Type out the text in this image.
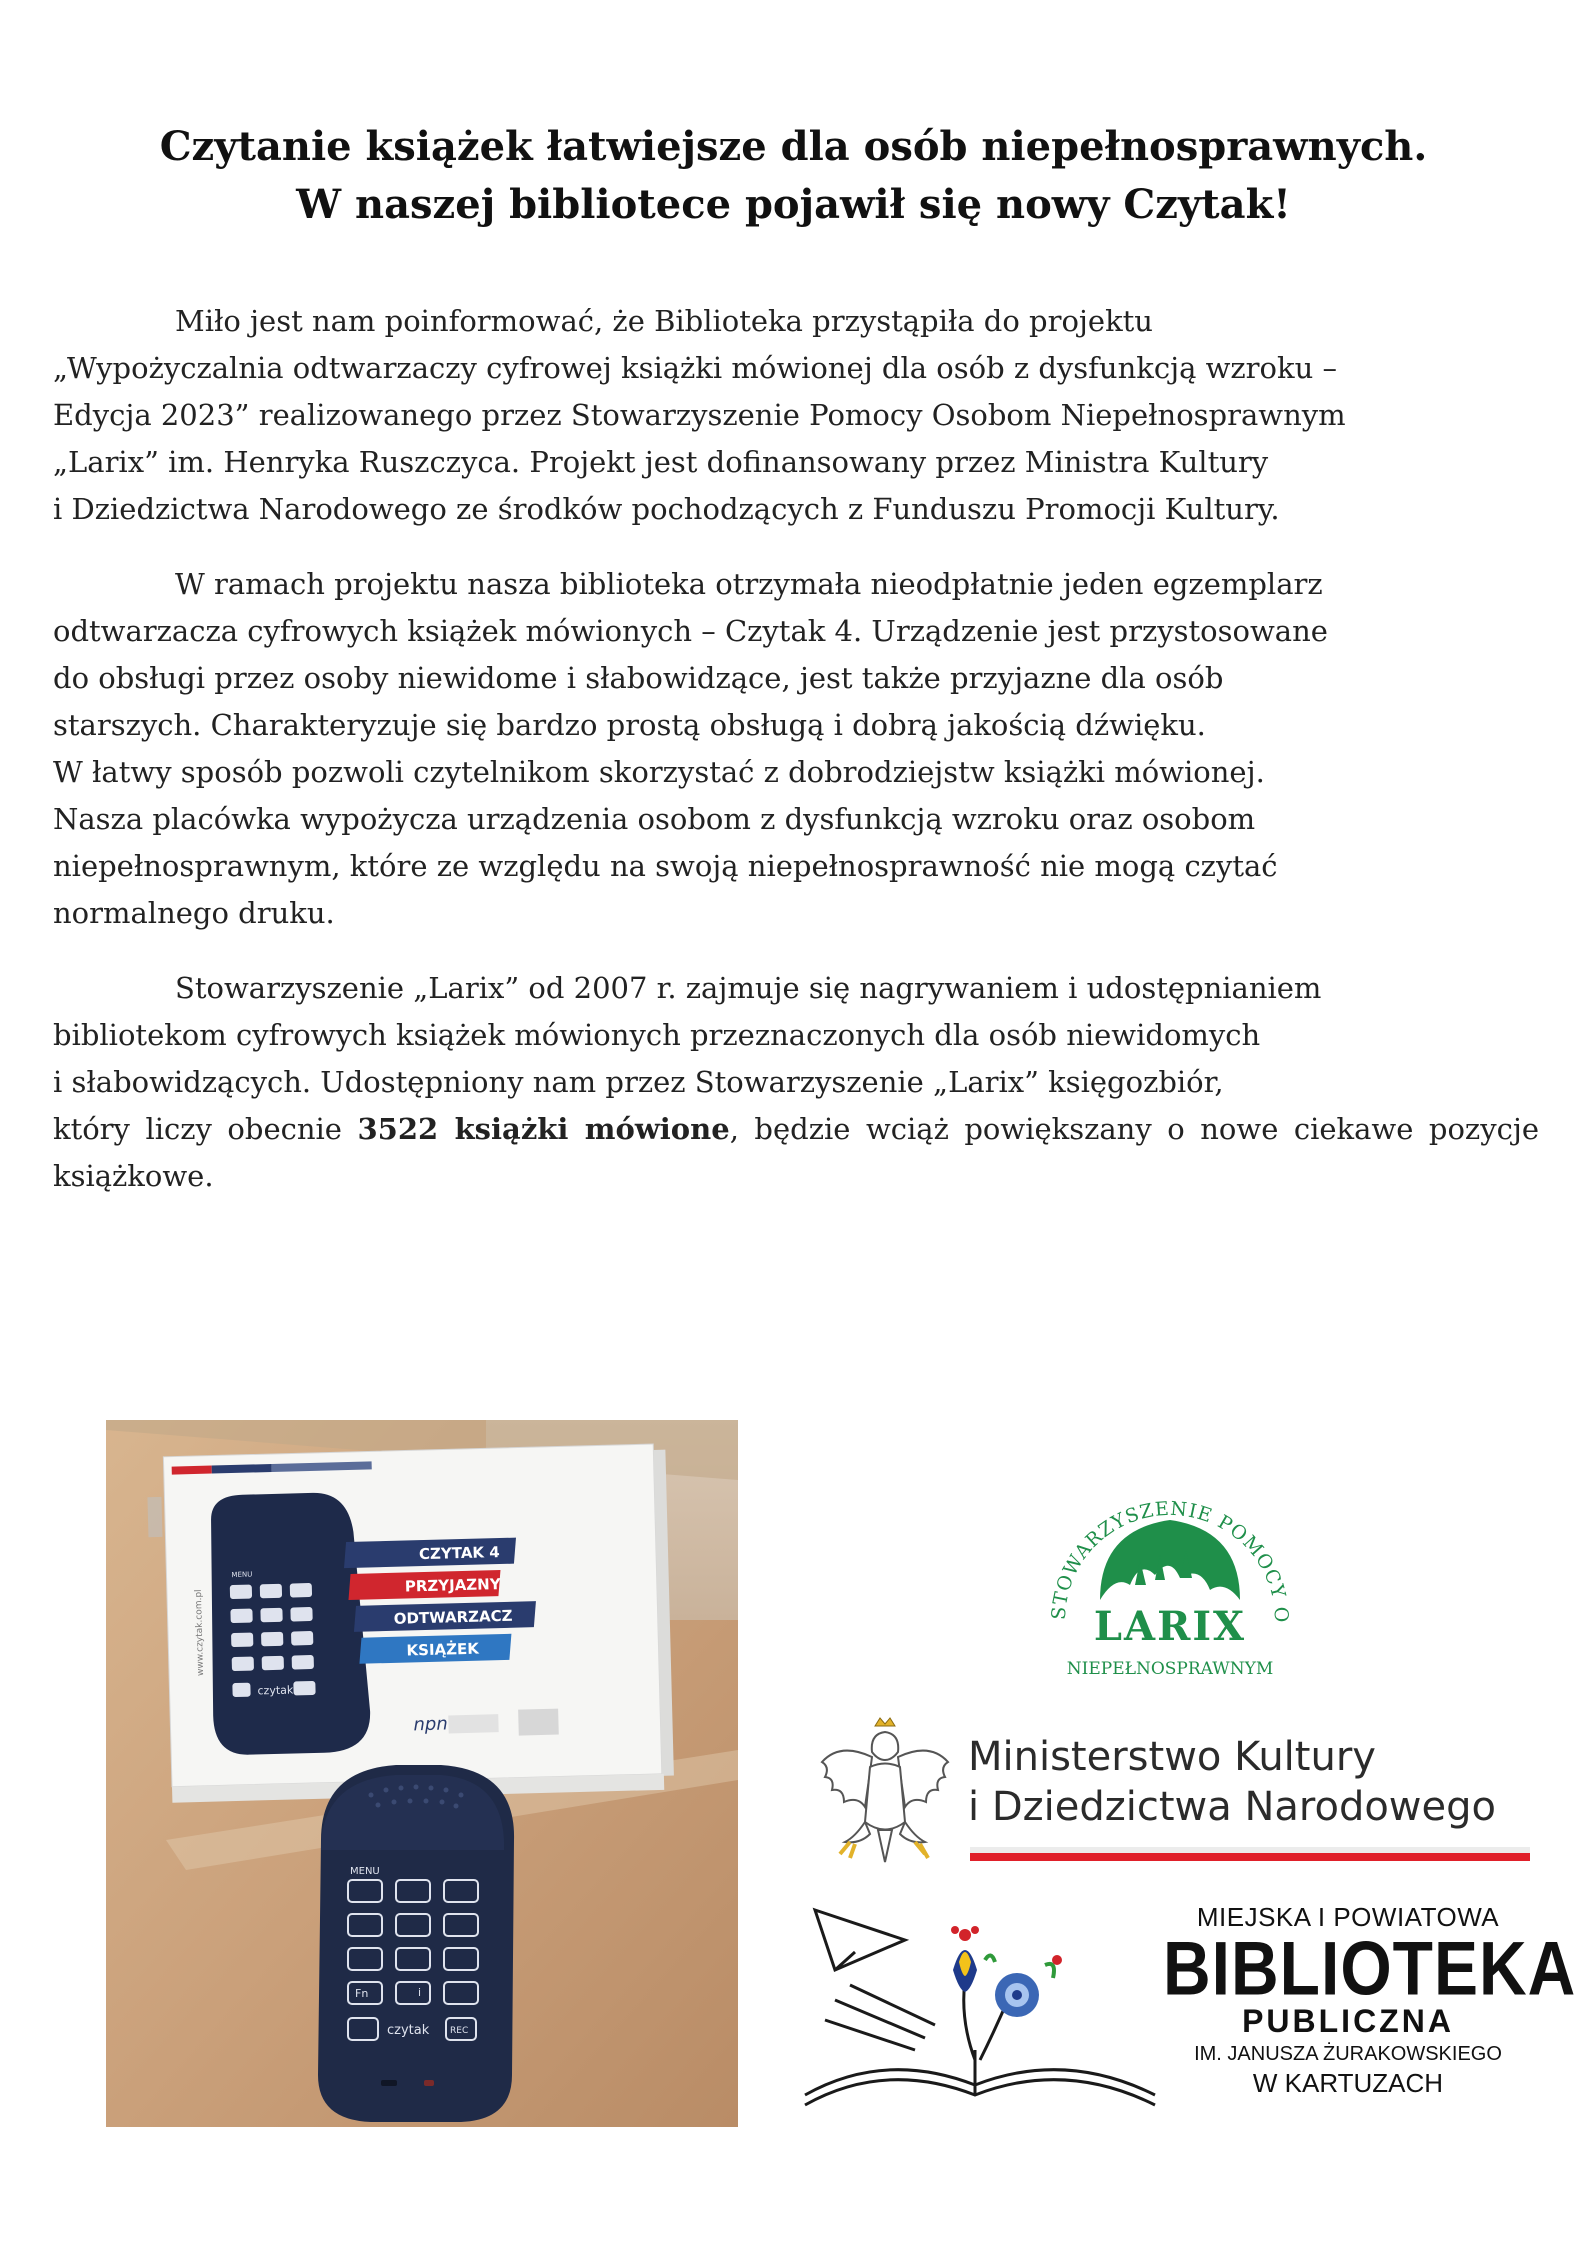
Czytanie książek łatwiejsze dla osób niepełnosprawnych.
W naszej bibliotece pojawił się nowy Czytak!
Miło jest nam poinformować, że Biblioteka przystąpiła do projektu
„Wypożyczalnia odtwarzaczy cyfrowej książki mówionej dla osób z dysfunkcją wzroku –
Edycja 2023” realizowanego przez Stowarzyszenie Pomocy Osobom Niepełnosprawnym
„Larix” im. Henryka Ruszczyca. Projekt jest dofinansowany przez Ministra Kultury
i Dziedzictwa Narodowego ze środków pochodzących z Funduszu Promocji Kultury.
W ramach projektu nasza biblioteka otrzymała nieodpłatnie jeden egzemplarz
odtwarzacza cyfrowych książek mówionych – Czytak 4. Urządzenie jest przystosowane
do obsługi przez osoby niewidome i słabowidzące, jest także przyjazne dla osób
starszych. Charakteryzuje się bardzo prostą obsługą i dobrą jakością dźwięku.
W łatwy sposób pozwoli czytelnikom skorzystać z dobrodziejstw książki mówionej.
Nasza placówka wypożycza urządzenia osobom z dysfunkcją wzroku oraz osobom
niepełnosprawnym, które ze względu na swoją niepełnosprawność nie mogą czytać
normalnego druku.
Stowarzyszenie „Larix” od 2007 r. zajmuje się nagrywaniem i udostępnianiem
bibliotekom cyfrowych książek mówionych przeznaczonych dla osób niewidomych
i słabowidzących. Udostępniony nam przez Stowarzyszenie „Larix” księgozbiór,
który liczy obecnie 3522 książki mówione, będzie wciąż powiększany o nowe ciekawe pozycje książkowe.
MENU
czytak
www.czytak.com.pl
CZYTAK 4
PRZYJAZNY
ODTWARZACZ
KSIĄŻEK
npn
MENU
Fn	i
czytak REC
STOWARZYSZENIE POMOCY O
LARIX
NIEPEŁNOSPRAWNYM
Ministerstwo Kultury
i Dziedzictwa Narodowego
MIEJSKA I POWIATOWA
BIBLIOTEKA
PUBLICZNA
IM. JANUSZA ŻURAKOWSKIEGO
W KARTUZACH
